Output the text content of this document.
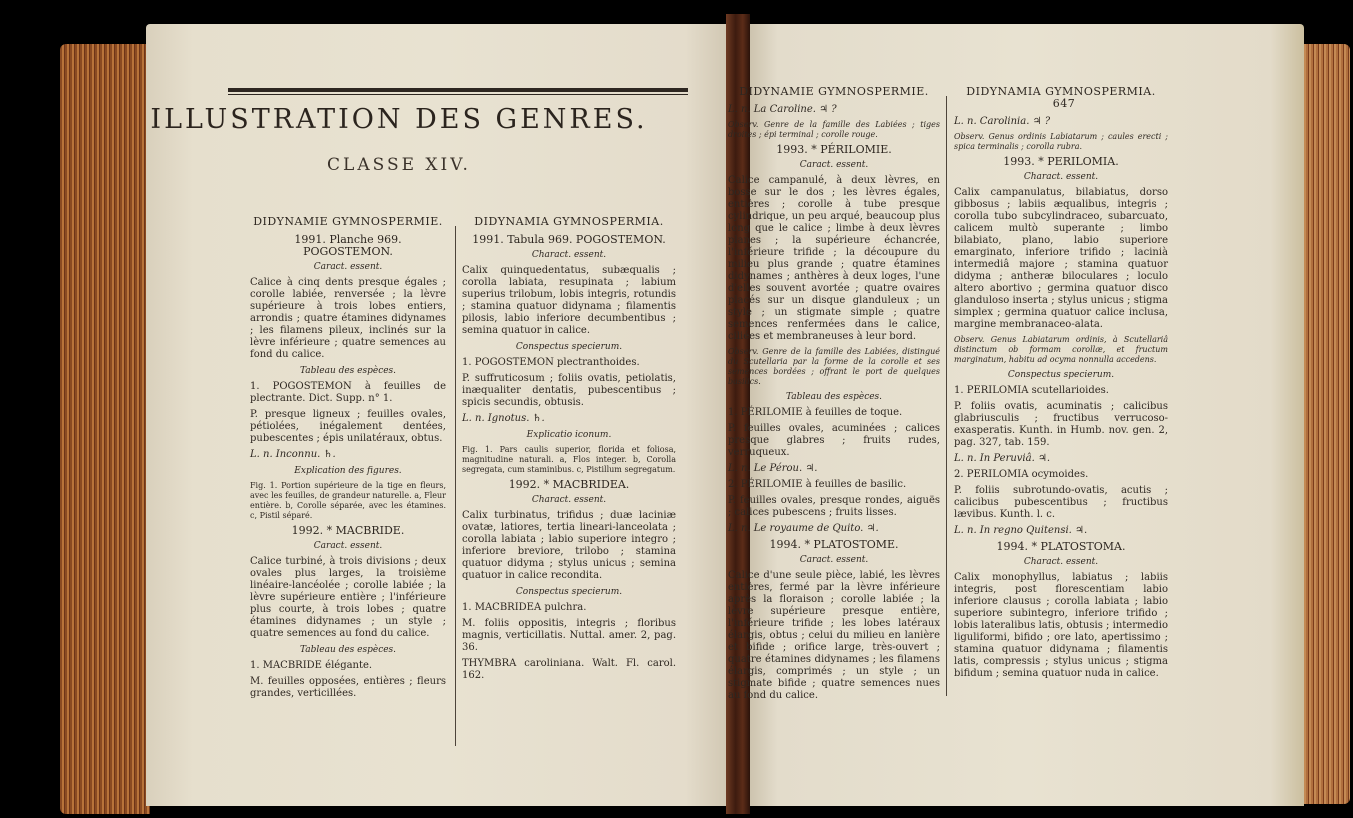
ILLUSTRATION DES GENRES.
CLASSE XIV.
DIDYNAMIE GYMNOSPERMIE.
1991. Planche 969. POGOSTEMON.
Caract. essent.

Calice à cinq dents presque égales ; corolle labiée, renversée ; la lèvre supérieure à trois lobes entiers, arrondis ; quatre étamines didynames ; les filamens pileux, inclinés sur la lèvre inférieure ; quatre semences au fond du calice.

Tableau des espèces.

1. POGOSTEMON à feuilles de plectrante. Dict. Supp. n° 1.

P. presque ligneux ; feuilles ovales, pétiolées, inégalement dentées, pubescentes ; épis unilatéraux, obtus.

L. n. Inconnu. ♄.

Explication des figures.

Fig. 1. Portion supérieure de la tige en fleurs, avec les feuilles, de grandeur naturelle. a, Fleur entière. b, Corolle séparée, avec les étamines. c, Pistil séparé.

1992. * MACBRIDE.
Caract. essent.

Calice turbiné, à trois divisions ; deux ovales plus larges, la troisième linéaire-lancéolée ; corolle labiée ; la lèvre supérieure entière ; l'inférieure plus courte, à trois lobes ; quatre étamines didynames ; un style ; quatre semences au fond du calice.

Tableau des espèces.

1. MACBRIDE élégante.

M. feuilles opposées, entières ; fleurs grandes, verticillées.

DIDYNAMIA GYMNOSPERMIA.
1991. Tabula 969. POGOSTEMON.
Charact. essent.

Calix quinquedentatus, subæqualis ; corolla labiata, resupinata ; labium superius trilobum, lobis integris, rotundis ; stamina quatuor didynama ; filamentis pilosis, labio inferiore decumbentibus ; semina quatuor in calice.

Conspectus specierum.

1. POGOSTEMON plectranthoides.

P. suffruticosum ; foliis ovatis, petiolatis, inæqualiter dentatis, pubescentibus ; spicis secundis, obtusis.

L. n. Ignotus. ♄.

Explicatio iconum.

Fig. 1. Pars caulis superior, florida et foliosa, magnitudine naturali. a, Flos integer. b, Corolla segregata, cum staminibus. c, Pistillum segregatum.

1992. * MACBRIDEA.
Charact. essent.

Calix turbinatus, trifidus ; duæ laciniæ ovatæ, latiores, tertia lineari-lanceolata ; corolla labiata ; labio superiore integro ; inferiore breviore, trilobo ; stamina quatuor didyma ; stylus unicus ; semina quatuor in calice recondita.

Conspectus specierum.

1. MACBRIDEA pulchra.

M. foliis oppositis, integris ; floribus magnis, verticillatis. Nuttal. amer. 2, pag. 36.

THYMBRA caroliniana. Walt. Fl. carol. 162.

DIDYNAMIE GYMNOSPERMIE.

L. n. La Caroline. ♃ ?

Observ. Genre de la famille des Labiées ; tiges droites ; épi terminal ; corolle rouge.

1993. * PÉRILOMIE.
Caract. essent.

Calice campanulé, à deux lèvres, en bosse sur le dos ; les lèvres égales, entières ; corolle à tube presque cylindrique, un peu arqué, beaucoup plus long que le calice ; limbe à deux lèvres planes ; la supérieure échancrée, l'inférieure trifide ; la découpure du milieu plus grande ; quatre étamines didynames ; anthères à deux loges, l'une d'elles souvent avortée ; quatre ovaires placés sur un disque glanduleux ; un style ; un stigmate simple ; quatre semences renfermées dans le calice, ciliées et membraneuses à leur bord.

Observ. Genre de la famille des Labiées, distingué du Scutellaria par la forme de la corolle et ses semences bordées ; offrant le port de quelques basilics.

Tableau des espèces.

1. PÉRILOMIE à feuilles de toque.

P. feuilles ovales, acuminées ; calices presque glabres ; fruits rudes, verruqueux.

L. n. Le Pérou. ♃.

2. PÉRILOMIE à feuilles de basilic.

P. feuilles ovales, presque rondes, aiguës ; calices pubescens ; fruits lisses.

L. n. Le royaume de Quito. ♃.

1994. * PLATOSTOME.
Caract. essent.

Calice d'une seule pièce, labié, les lèvres entières, fermé par la lèvre inférieure après la floraison ; corolle labiée ; la lèvre supérieure presque entière, l'inférieure trifide ; les lobes latéraux élargis, obtus ; celui du milieu en lanière et bifide ; orifice large, très-ouvert ; quatre étamines didynames ; les filamens élargis, comprimés ; un style ; un stigmate bifide ; quatre semences nues au fond du calice.

DIDYNAMIA GYMNOSPERMIA. 647

L. n. Carolinia. ♃ ?

Observ. Genus ordinis Labiatarum ; caules erecti ; spica terminalis ; corolla rubra.

1993. * PERILOMIA.
Charact. essent.

Calix campanulatus, bilabiatus, dorso gibbosus ; labiis æqualibus, integris ; corolla tubo subcylindraceo, subarcuato, calicem multò superante ; limbo bilabiato, plano, labio superiore emarginato, inferiore trifido ; lacinià intermediâ majore ; stamina quatuor didyma ; antheræ biloculares ; loculo altero abortivo ; germina quatuor disco glanduloso inserta ; stylus unicus ; stigma simplex ; germina quatuor calice inclusa, margine membranaceo-alata.

Observ. Genus Labiatarum ordinis, à Scutellariâ distinctum ob formam corollæ, et fructum marginatum, habitu ad ocyma nonnulla accedens.

Conspectus specierum.

1. PERILOMIA scutellarioides.

P. foliis ovatis, acuminatis ; calicibus glabriusculis ; fructibus verrucoso-exasperatis. Kunth. in Humb. nov. gen. 2, pag. 327, tab. 159.

L. n. In Peruviâ. ♃.

2. PERILOMIA ocymoides.

P. foliis subrotundo-ovatis, acutis ; calicibus pubescentibus ; fructibus lævibus. Kunth. l. c.

L. n. In regno Quitensi. ♃.

1994. * PLATOSTOMA.
Charact. essent.

Calix monophyllus, labiatus ; labiis integris, post florescentiam labio inferiore clausus ; corolla labiata ; labio superiore subintegro, inferiore trifido ; lobis lateralibus latis, obtusis ; intermedio liguliformi, bifido ; ore lato, apertissimo ; stamina quatuor didynama ; filamentis latis, compressis ; stylus unicus ; stigma bifidum ; semina quatuor nuda in calice.
